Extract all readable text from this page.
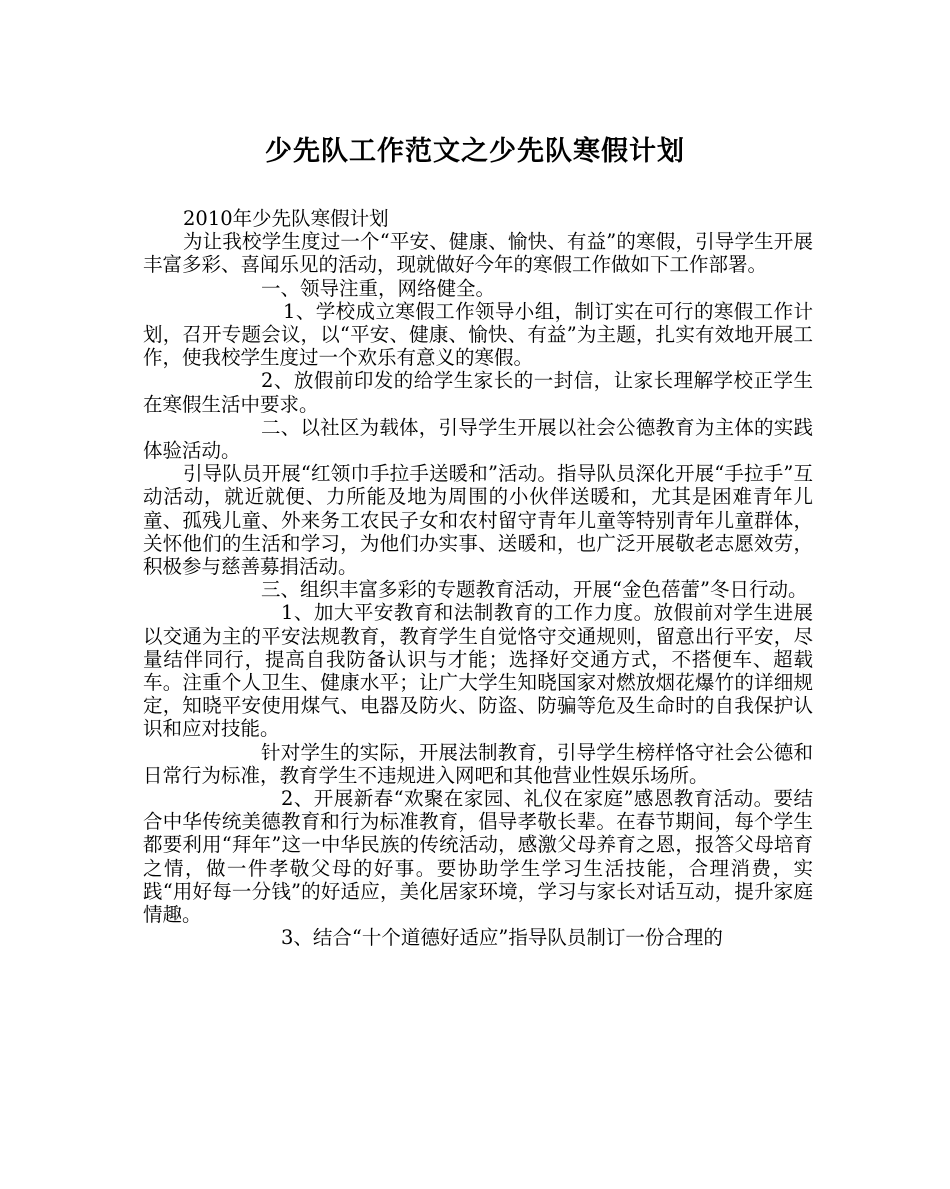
少先队工作范文之少先队寒假计划

2010年少先队寒假计划

为让我校学生度过一个“平安、健康、愉快、有益”的寒假，引导学生开展丰富多彩、喜闻乐见的活动，现就做好今年的寒假工作做如下工作部署。

一、领导注重，网络健全。

1、学校成立寒假工作领导小组，制订实在可行的寒假工作计划，召开专题会议，以“平安、健康、愉快、有益”为主题，扎实有效地开展工作，使我校学生度过一个欢乐有意义的寒假。

2、放假前印发的给学生家长的一封信，让家长理解学校正学生在寒假生活中要求。

二、以社区为载体，引导学生开展以社会公德教育为主体的实践体验活动。

引导队员开展“红领巾手拉手送暖和”活动。指导队员深化开展“手拉手”互动活动，就近就便、力所能及地为周围的小伙伴送暖和，尤其是困难青年儿童、孤残儿童、外来务工农民子女和农村留守青年儿童等特别青年儿童群体，关怀他们的生活和学习，为他们办实事、送暖和，也广泛开展敬老志愿效劳，积极参与慈善募捐活动。

三、组织丰富多彩的专题教育活动，开展“金色蓓蕾”冬日行动。

1、加大平安教育和法制教育的工作力度。放假前对学生进展以交通为主的平安法规教育，教育学生自觉恪守交通规则，留意出行平安，尽量结伴同行，提高自我防备认识与才能；选择好交通方式，不搭便车、超载车。注重个人卫生、健康水平；让广大学生知晓国家对燃放烟花爆竹的详细规定，知晓平安使用煤气、电器及防火、防盗、防骗等危及生命时的自我保护认识和应对技能。

针对学生的实际，开展法制教育，引导学生榜样恪守社会公德和日常行为标准，教育学生不违规进入网吧和其他营业性娱乐场所。

2、开展新春“欢聚在家园、礼仪在家庭”感恩教育活动。要结合中华传统美德教育和行为标准教育，倡导孝敬长辈。在春节期间，每个学生都要利用“拜年”这一中华民族的传统活动，感激父母养育之恩，报答父母培育之情，做一件孝敬父母的好事。要协助学生学习生活技能，合理消费，实践“用好每一分钱”的好适应，美化居家环境，学习与家长对话互动，提升家庭情趣。

3、结合“十个道德好适应”指导队员制订一份合理的
